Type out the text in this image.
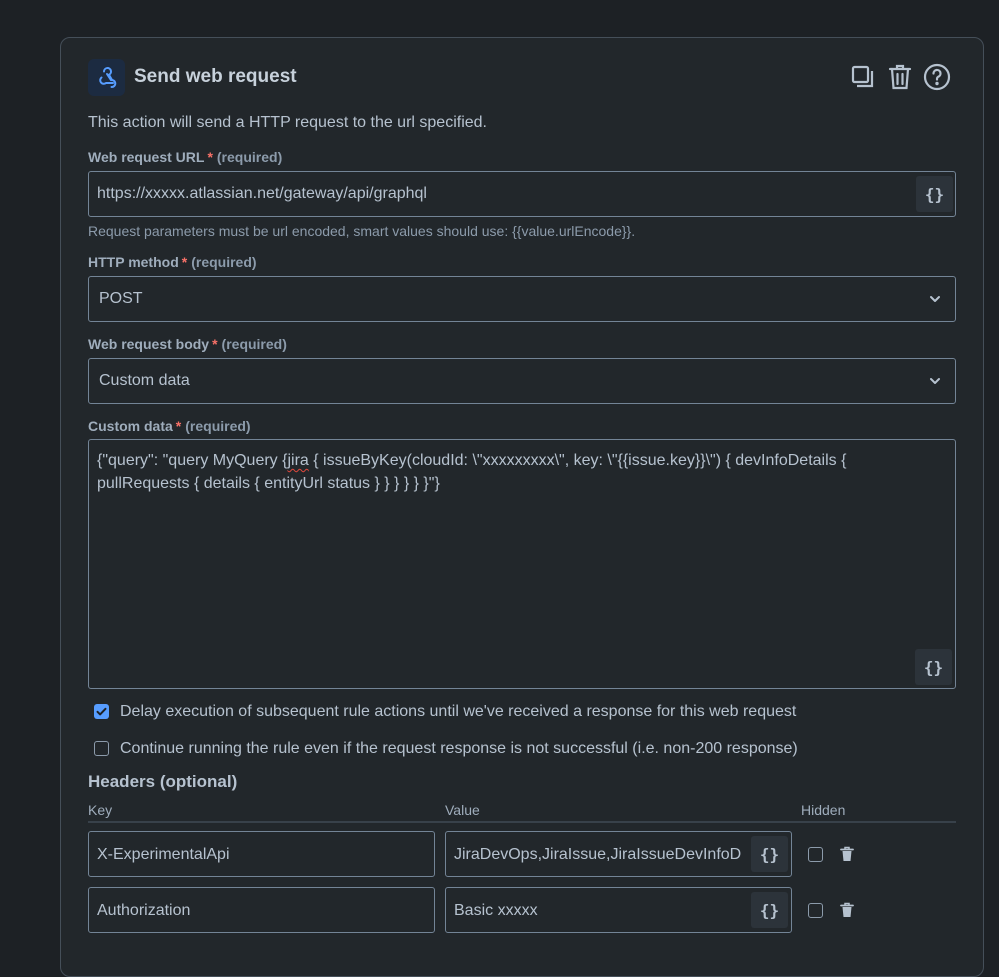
Send web request
This action will send a HTTP request to the url specified.
Web request URL * (required)
https://xxxxx.atlassian.net/gateway/api/graphql	{}
Request parameters must be url encoded, smart values should use: {{value.urlEncode}}.
HTTP method * (required)
POST
Web request body * (required)
Custom data
Custom data * (required)
{"query": "query MyQuery {jira { issueByKey(cloudId: \"xxxxxxxxx\", key: \"{{issue.key}}\") { devInfoDetails { pullRequests { details { entityUrl status } } } } } }"}
{}
Delay execution of subsequent rule actions until we've received a response for this web request
Continue running the rule even if the request response is not successful (i.e. non-200 response)
Headers (optional)
Key	Value	Hidden
X-ExperimentalApi	JiraDevOps,JiraIssue,JiraIssueDevInfoD	{}
Authorization	Basic xxxxx	{}
